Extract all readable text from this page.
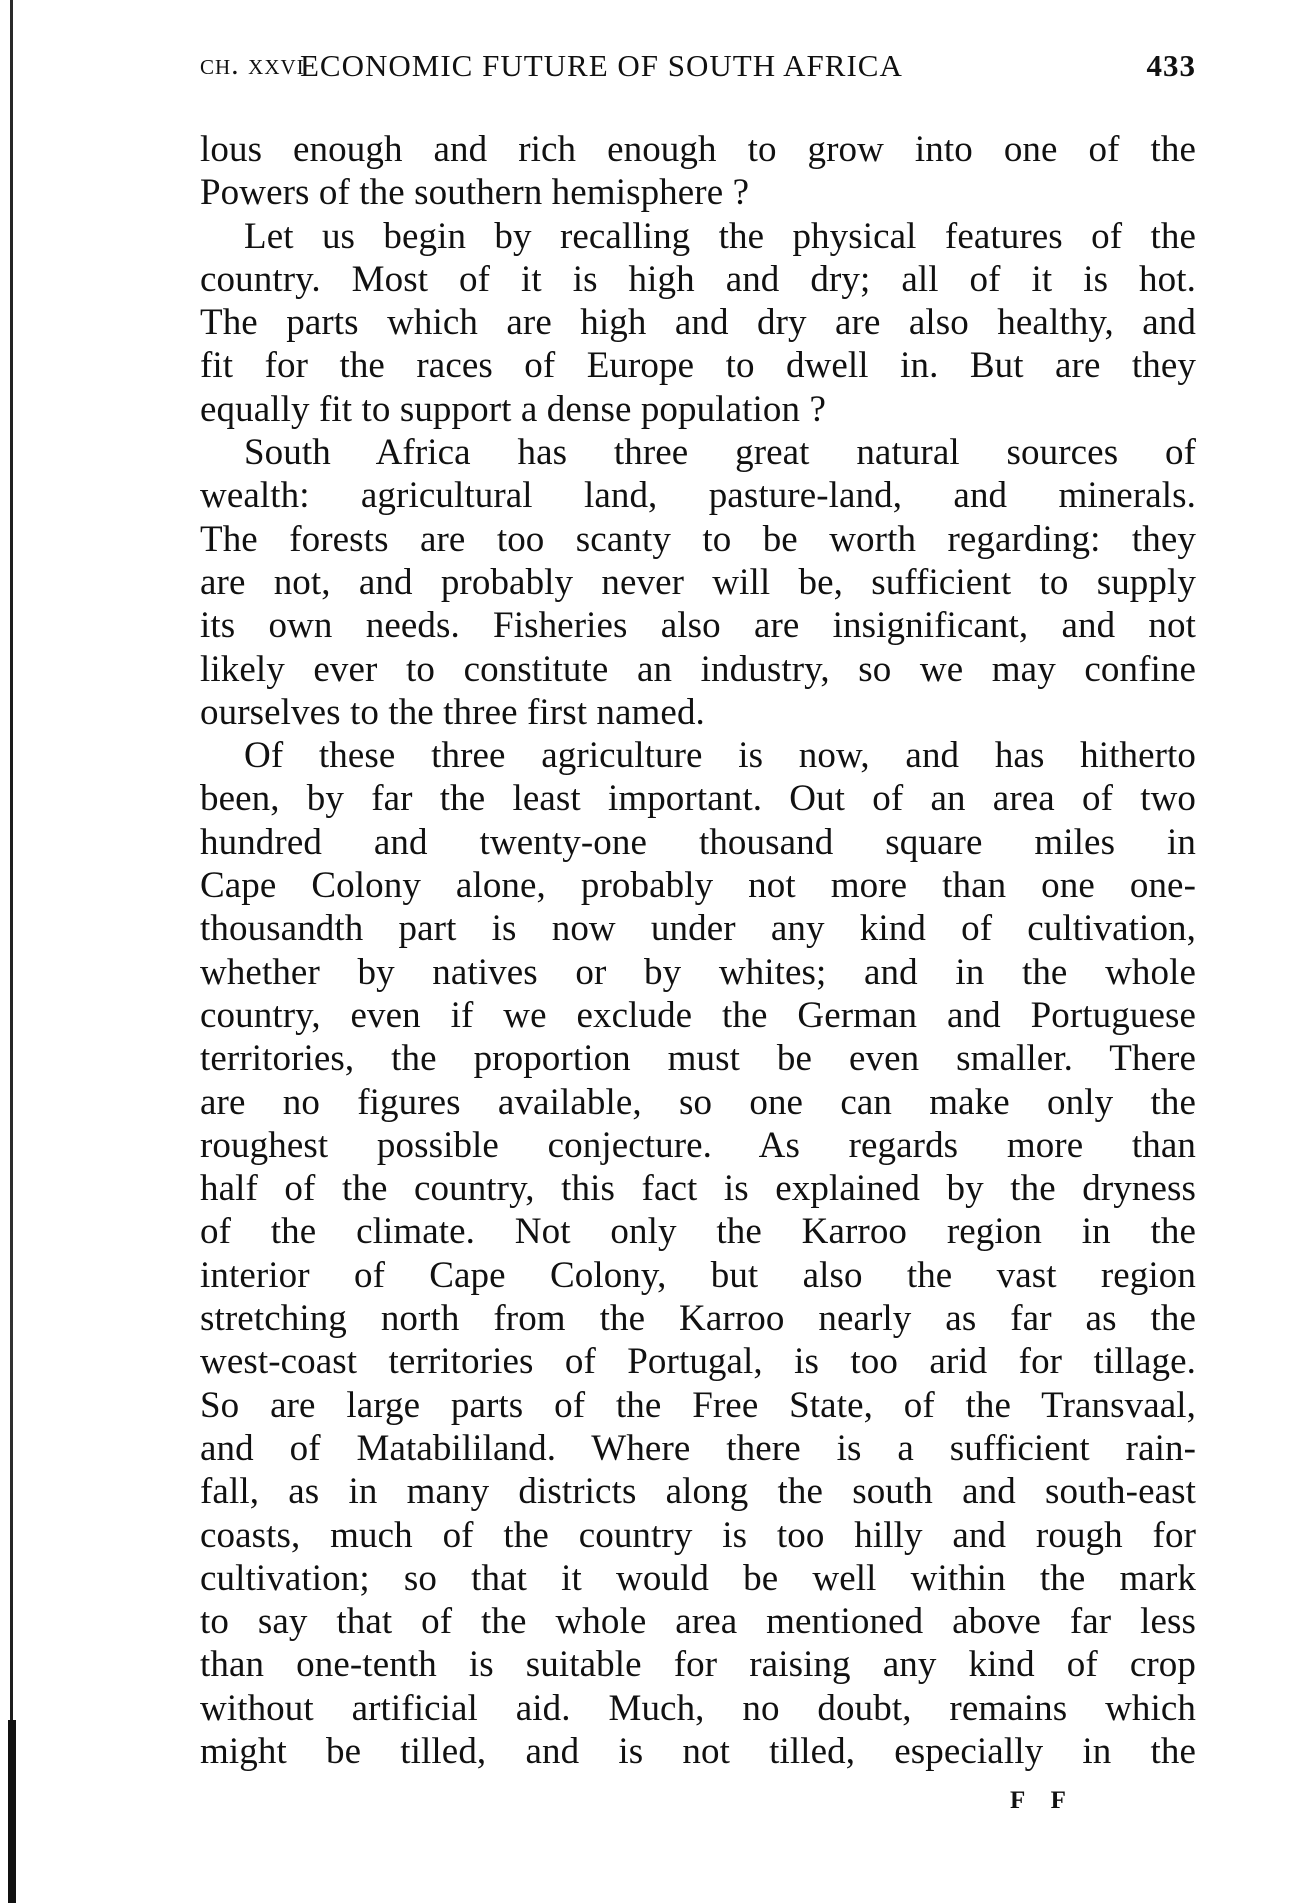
ch. xxvi
ECONOMIC FUTURE OF SOUTH AFRICA	433
lous enough and rich enough to grow into one of the
Powers of the southern hemisphere ?
Let us begin by recalling the physical features of the
country. Most of it is high and dry; all of it is hot.
The parts which are high and dry are also healthy, and
fit for the races of Europe to dwell in. But are they
equally fit to support a dense population ?
South Africa has three great natural sources of
wealth: agricultural land, pasture-land, and minerals.
The forests are too scanty to be worth regarding: they
are not, and probably never will be, sufficient to supply
its own needs. Fisheries also are insignificant, and not
likely ever to constitute an industry, so we may confine
ourselves to the three first named.
Of these three agriculture is now, and has hitherto
been, by far the least important. Out of an area of two
hundred and twenty-one thousand square miles in
Cape Colony alone, probably not more than one one-
thousandth part is now under any kind of cultivation,
whether by natives or by whites; and in the whole
country, even if we exclude the German and Portuguese
territories, the proportion must be even smaller. There
are no figures available, so one can make only the
roughest possible conjecture. As regards more than
half of the country, this fact is explained by the dryness
of the climate. Not only the Karroo region in the
interior of Cape Colony, but also the vast region
stretching north from the Karroo nearly as far as the
west-coast territories of Portugal, is too arid for tillage.
So are large parts of the Free State, of the Transvaal,
and of Matabililand. Where there is a sufficient rain-
fall, as in many districts along the south and south-east
coasts, much of the country is too hilly and rough for
cultivation; so that it would be well within the mark
to say that of the whole area mentioned above far less
than one-tenth is suitable for raising any kind of crop
without artificial aid. Much, no doubt, remains which
might be tilled, and is not tilled, especially in the
F F
